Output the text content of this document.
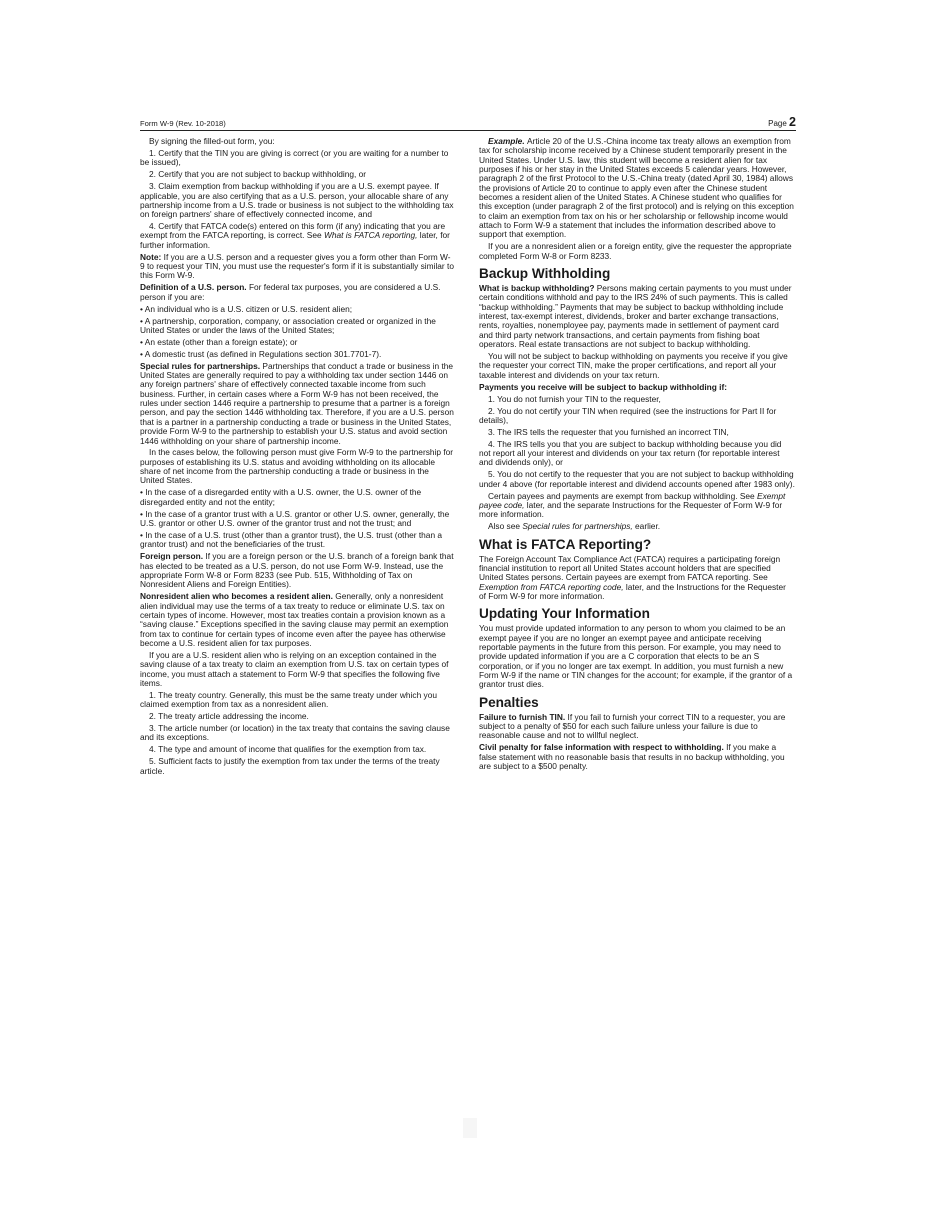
Form W-9 (Rev. 10-2018)	Page 2

By signing the filled-out form, you:

1. Certify that the TIN you are giving is correct (or you are waiting for a number to be issued),

2. Certify that you are not subject to backup withholding, or

3. Claim exemption from backup withholding if you are a U.S. exempt payee. If applicable, you are also certifying that as a U.S. person, your allocable share of any partnership income from a U.S. trade or business is not subject to the withholding tax on foreign partners' share of effectively connected income, and

4. Certify that FATCA code(s) entered on this form (if any) indicating that you are exempt from the FATCA reporting, is correct. See What is FATCA reporting, later, for further information.

Note: If you are a U.S. person and a requester gives you a form other than Form W-9 to request your TIN, you must use the requester's form if it is substantially similar to this Form W-9.

Definition of a U.S. person. For federal tax purposes, you are considered a U.S. person if you are:

• An individual who is a U.S. citizen or U.S. resident alien;

• A partnership, corporation, company, or association created or organized in the United States or under the laws of the United States;

• An estate (other than a foreign estate); or

• A domestic trust (as defined in Regulations section 301.7701-7).

Special rules for partnerships. Partnerships that conduct a trade or business in the United States are generally required to pay a withholding tax under section 1446 on any foreign partners' share of effectively connected taxable income from such business. Further, in certain cases where a Form W-9 has not been received, the rules under section 1446 require a partnership to presume that a partner is a foreign person, and pay the section 1446 withholding tax. Therefore, if you are a U.S. person that is a partner in a partnership conducting a trade or business in the United States, provide Form W-9 to the partnership to establish your U.S. status and avoid section 1446 withholding on your share of partnership income.

In the cases below, the following person must give Form W-9 to the partnership for purposes of establishing its U.S. status and avoiding withholding on its allocable share of net income from the partnership conducting a trade or business in the United States.

• In the case of a disregarded entity with a U.S. owner, the U.S. owner of the disregarded entity and not the entity;

• In the case of a grantor trust with a U.S. grantor or other U.S. owner, generally, the U.S. grantor or other U.S. owner of the grantor trust and not the trust; and

• In the case of a U.S. trust (other than a grantor trust), the U.S. trust (other than a grantor trust) and not the beneficiaries of the trust.

Foreign person. If you are a foreign person or the U.S. branch of a foreign bank that has elected to be treated as a U.S. person, do not use Form W-9. Instead, use the appropriate Form W-8 or Form 8233 (see Pub. 515, Withholding of Tax on Nonresident Aliens and Foreign Entities).

Nonresident alien who becomes a resident alien. Generally, only a nonresident alien individual may use the terms of a tax treaty to reduce or eliminate U.S. tax on certain types of income. However, most tax treaties contain a provision known as a “saving clause.” Exceptions specified in the saving clause may permit an exemption from tax to continue for certain types of income even after the payee has otherwise become a U.S. resident alien for tax purposes.

If you are a U.S. resident alien who is relying on an exception contained in the saving clause of a tax treaty to claim an exemption from U.S. tax on certain types of income, you must attach a statement to Form W-9 that specifies the following five items.

1. The treaty country. Generally, this must be the same treaty under which you claimed exemption from tax as a nonresident alien.

2. The treaty article addressing the income.

3. The article number (or location) in the tax treaty that contains the saving clause and its exceptions.

4. The type and amount of income that qualifies for the exemption from tax.

5. Sufficient facts to justify the exemption from tax under the terms of the treaty article.

Example. Article 20 of the U.S.-China income tax treaty allows an exemption from tax for scholarship income received by a Chinese student temporarily present in the United States. Under U.S. law, this student will become a resident alien for tax purposes if his or her stay in the United States exceeds 5 calendar years. However, paragraph 2 of the first Protocol to the U.S.-China treaty (dated April 30, 1984) allows the provisions of Article 20 to continue to apply even after the Chinese student becomes a resident alien of the United States. A Chinese student who qualifies for this exception (under paragraph 2 of the first protocol) and is relying on this exception to claim an exemption from tax on his or her scholarship or fellowship income would attach to Form W-9 a statement that includes the information described above to support that exemption.

If you are a nonresident alien or a foreign entity, give the requester the appropriate completed Form W-8 or Form 8233.

Backup Withholding

What is backup withholding? Persons making certain payments to you must under certain conditions withhold and pay to the IRS 24% of such payments. This is called “backup withholding.” Payments that may be subject to backup withholding include interest, tax-exempt interest, dividends, broker and barter exchange transactions, rents, royalties, nonemployee pay, payments made in settlement of payment card and third party network transactions, and certain payments from fishing boat operators. Real estate transactions are not subject to backup withholding.

You will not be subject to backup withholding on payments you receive if you give the requester your correct TIN, make the proper certifications, and report all your taxable interest and dividends on your tax return.

Payments you receive will be subject to backup withholding if:

1. You do not furnish your TIN to the requester,

2. You do not certify your TIN when required (see the instructions for Part II for details),

3. The IRS tells the requester that you furnished an incorrect TIN,

4. The IRS tells you that you are subject to backup withholding because you did not report all your interest and dividends on your tax return (for reportable interest and dividends only), or

5. You do not certify to the requester that you are not subject to backup withholding under 4 above (for reportable interest and dividend accounts opened after 1983 only).

Certain payees and payments are exempt from backup withholding. See Exempt payee code, later, and the separate Instructions for the Requester of Form W-9 for more information.

Also see Special rules for partnerships, earlier.

What is FATCA Reporting?

The Foreign Account Tax Compliance Act (FATCA) requires a participating foreign financial institution to report all United States account holders that are specified United States persons. Certain payees are exempt from FATCA reporting. See Exemption from FATCA reporting code, later, and the Instructions for the Requester of Form W-9 for more information.

Updating Your Information

You must provide updated information to any person to whom you claimed to be an exempt payee if you are no longer an exempt payee and anticipate receiving reportable payments in the future from this person. For example, you may need to provide updated information if you are a C corporation that elects to be an S corporation, or if you no longer are tax exempt. In addition, you must furnish a new Form W-9 if the name or TIN changes for the account; for example, if the grantor of a grantor trust dies.

Penalties

Failure to furnish TIN. If you fail to furnish your correct TIN to a requester, you are subject to a penalty of $50 for each such failure unless your failure is due to reasonable cause and not to willful neglect.

Civil penalty for false information with respect to withholding. If you make a false statement with no reasonable basis that results in no backup withholding, you are subject to a $500 penalty.
